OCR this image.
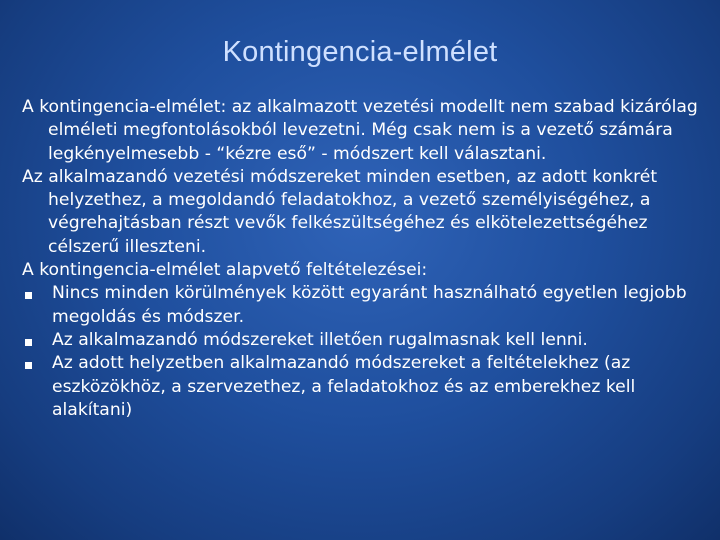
Kontingencia-elmélet

A kontingencia-elmélet: az alkalmazott vezetési modellt nem szabad kizárólag elméleti megfontolásokból levezetni. Még csak nem is a vezető számára legkényelmesebb - “kézre eső” - módszert kell választani.

Az alkalmazandó vezetési módszereket minden esetben, az adott konkrét helyzethez, a megoldandó feladatokhoz, a vezető személyiségéhez, a végrehajtásban részt vevők felkészültségéhez és elkötelezettségéhez célszerű illeszteni.

A kontingencia-elmélet alapvető feltételezései:

Nincs minden körülmények között egyaránt használható egyetlen legjobb megoldás és módszer.
Az alkalmazandó módszereket illetően rugalmasnak kell lenni.
Az adott helyzetben alkalmazandó módszereket a feltételekhez (az eszközökhöz, a szervezethez, a feladatokhoz és az emberekhez kell alakítani)
